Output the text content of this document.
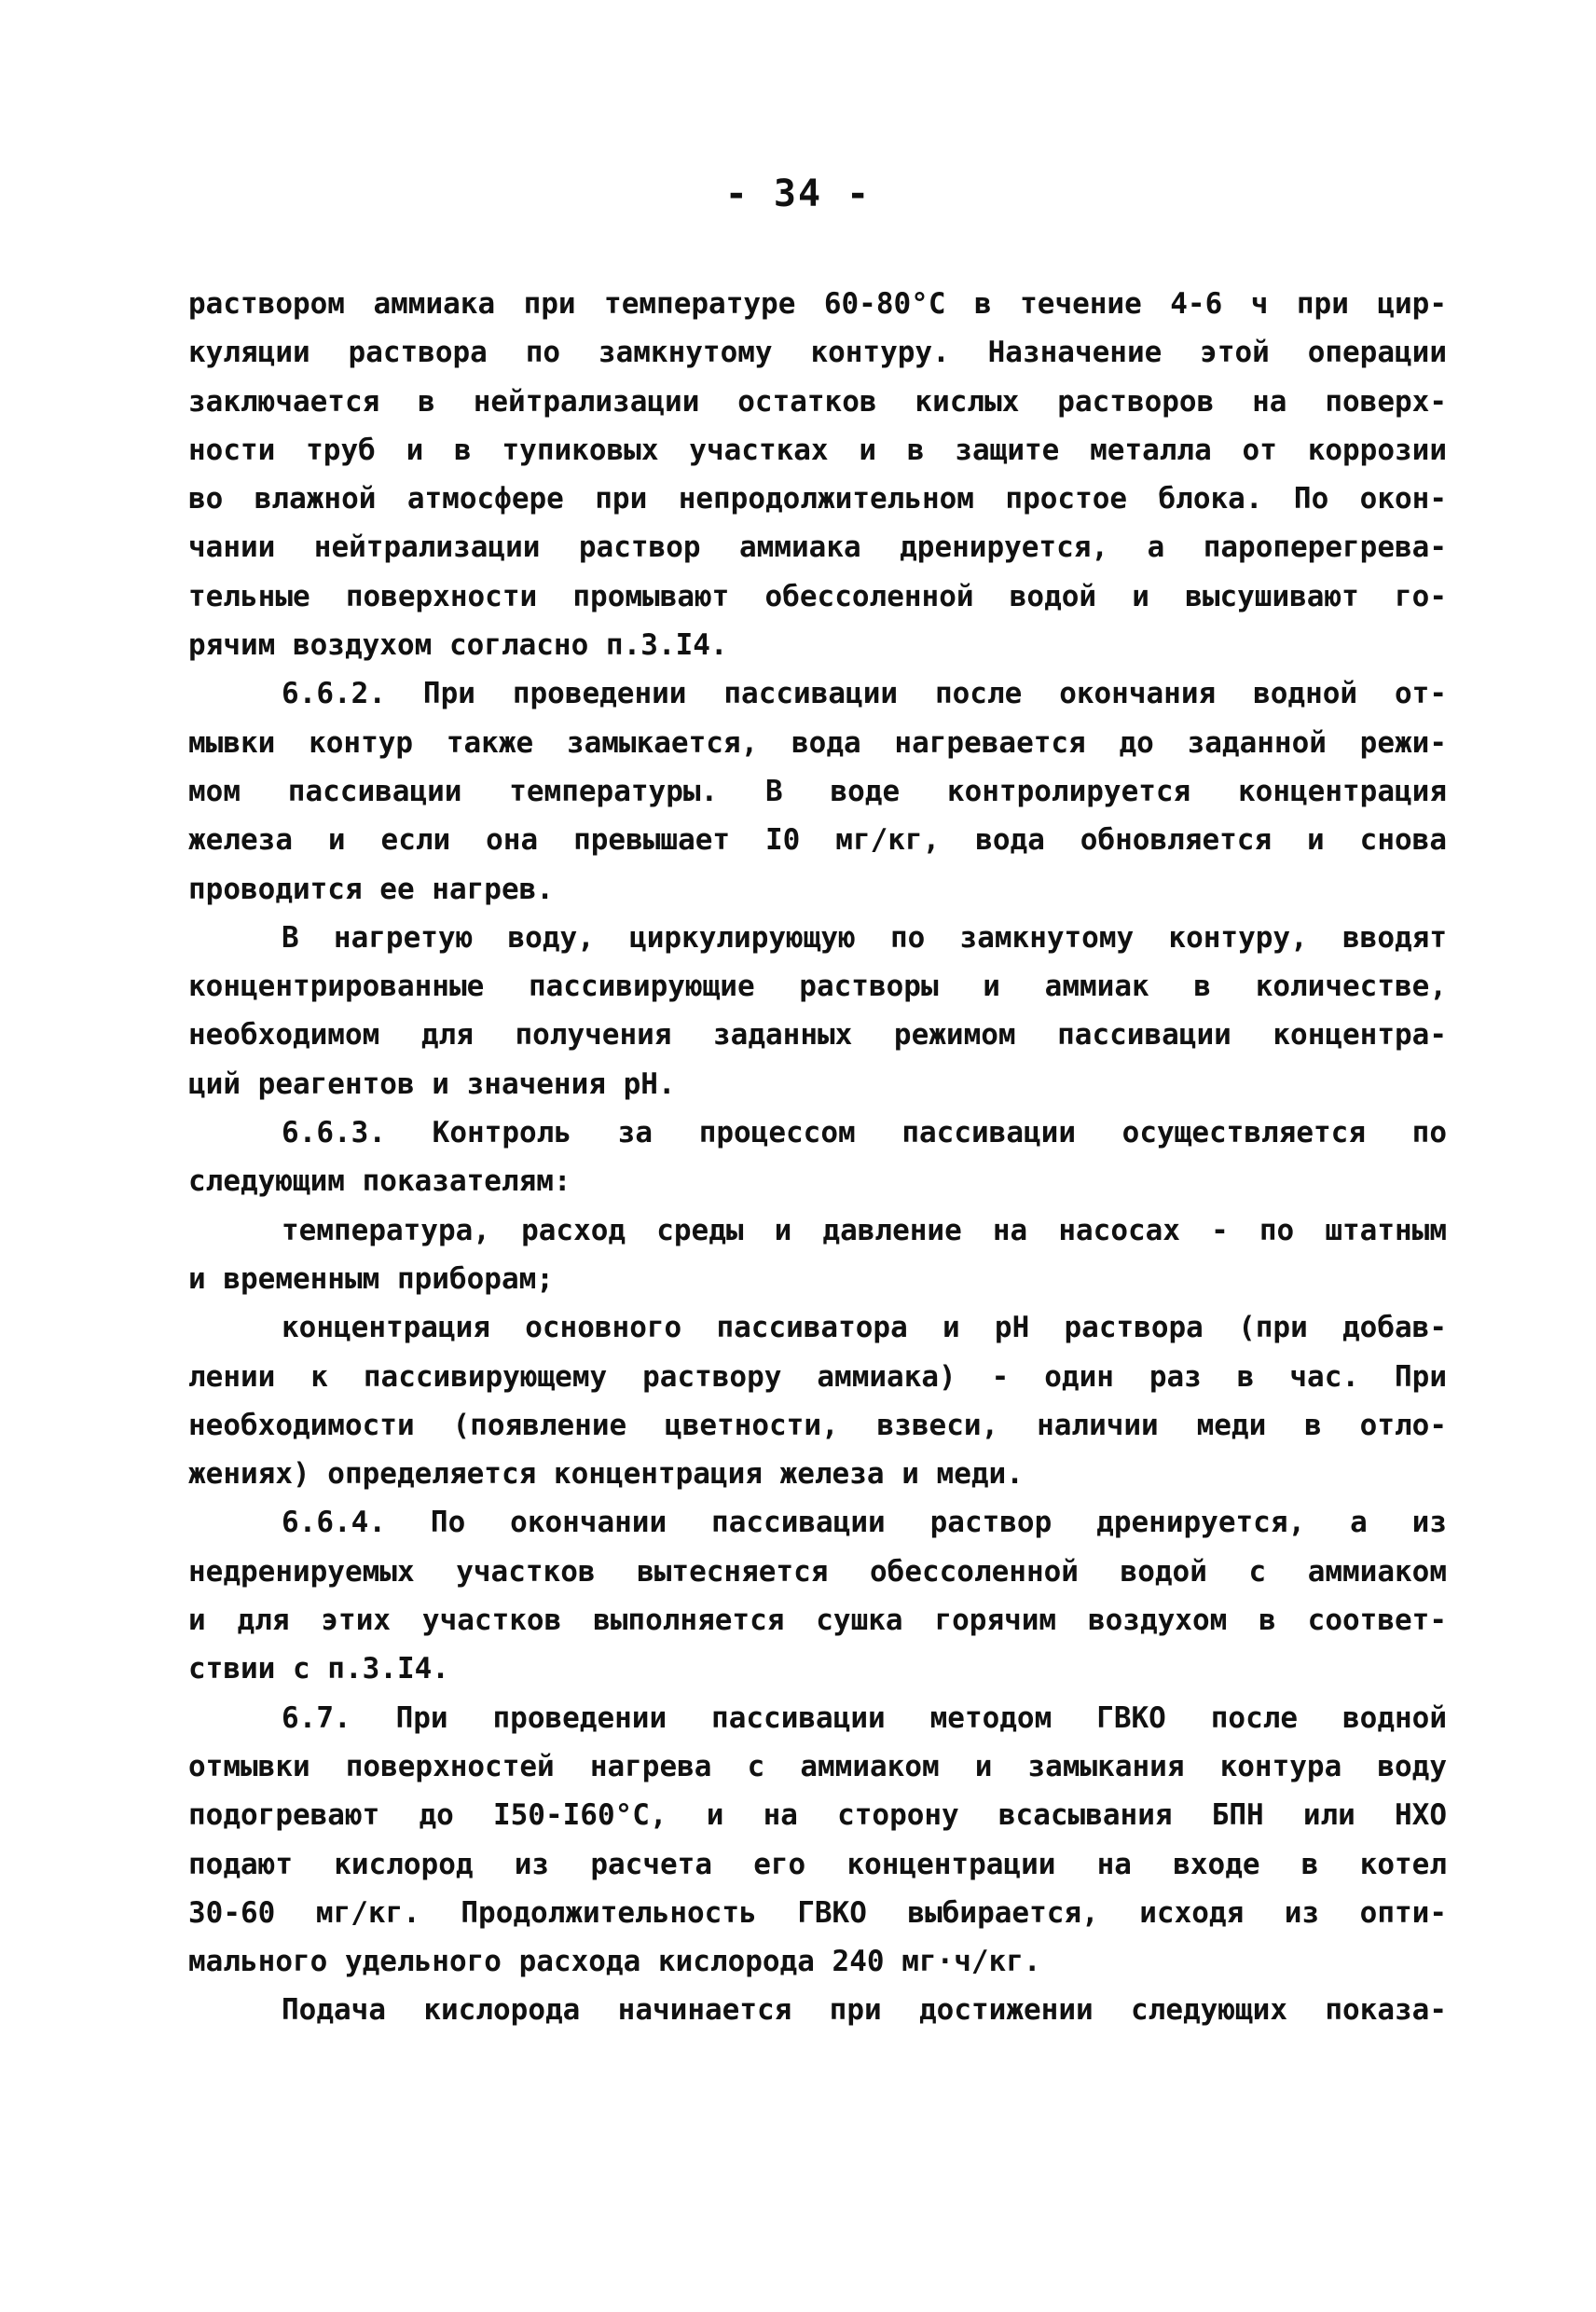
- 34 -
раствором аммиака при температуре 60-80°С в течение 4-6 ч при цир-
куляции раствора по замкнутому контуру. Назначение этой операции
заключается в нейтрализации остатков кислых растворов на поверх-
ности труб и в тупиковых участках и в защите металла от коррозии
во влажной атмосфере при непродолжительном простое блока. По окон-
чании нейтрализации раствор аммиака дренируется, а пароперегрева-
тельные поверхности промывают обессоленной водой и высушивают го-
рячим воздухом согласно п.3.I4.
6.6.2. При проведении пассивации после окончания водной от-
мывки контур также замыкается, вода нагревается до заданной режи-
мом пассивации температуры. В воде контролируется концентрация
железа и если она превышает I0 мг/кг, вода обновляется и снова
проводится ее нагрев.
В нагретую воду, циркулирующую по замкнутому контуру, вводят
концентрированные пассивирующие растворы и аммиак в количестве,
необходимом для получения заданных режимом пассивации концентра-
ций реагентов и значения pH.
6.6.3. Контроль за процессом пассивации осуществляется по
следующим показателям:
температура, расход среды и давление на насосах - по штатным
и временным приборам;
концентрация основного пассиватора и pH раствора (при добав-
лении к пассивирующему раствору аммиака) - один раз в час. При
необходимости (появление цветности, взвеси, наличии меди в отло-
жениях) определяется концентрация железа и меди.
6.6.4. По окончании пассивации раствор дренируется, а из
недренируемых участков вытесняется обессоленной водой с аммиаком
и для этих участков выполняется сушка горячим воздухом в соответ-
ствии с п.3.I4.
6.7. При проведении пассивации методом ГВКО после водной
отмывки поверхностей нагрева с аммиаком и замыкания контура воду
подогревают до I50-I60°С, и на сторону всасывания БПН или НХО
подают кислород из расчета его концентрации на входе в котел
30-60 мг/кг. Продолжительность ГВКО выбирается, исходя из опти-
мального удельного расхода кислорода 240 мг·ч/кг.
Подача кислорода начинается при достижении следующих показа-
